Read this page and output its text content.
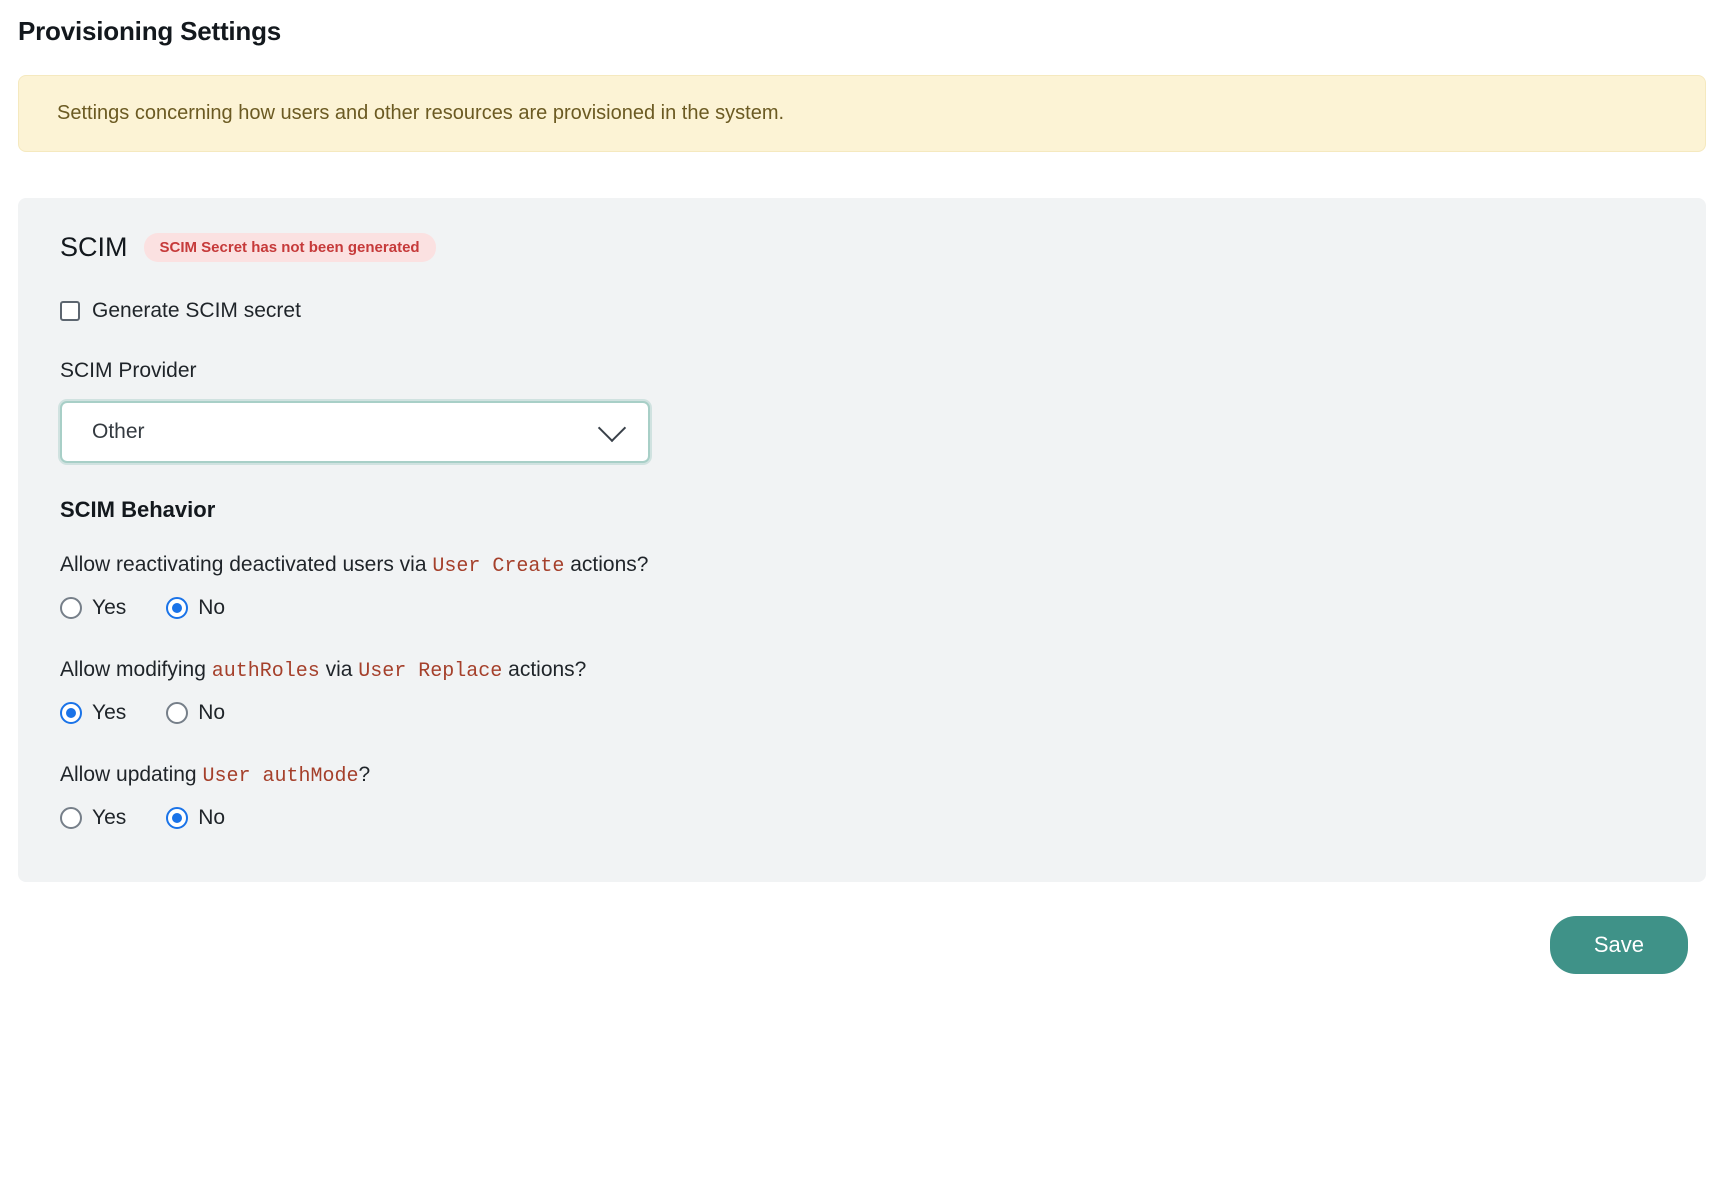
Provisioning Settings
Settings concerning how users and other resources are provisioned in the system.
SCIM	SCIM Secret has not been generated
Generate SCIM secret
SCIM Provider
Other
SCIM Behavior
Allow reactivating deactivated users via User Create actions?
Yes	No
Allow modifying authRoles via User Replace actions?
Yes	No
Allow updating User authMode?
Yes	No
Save
